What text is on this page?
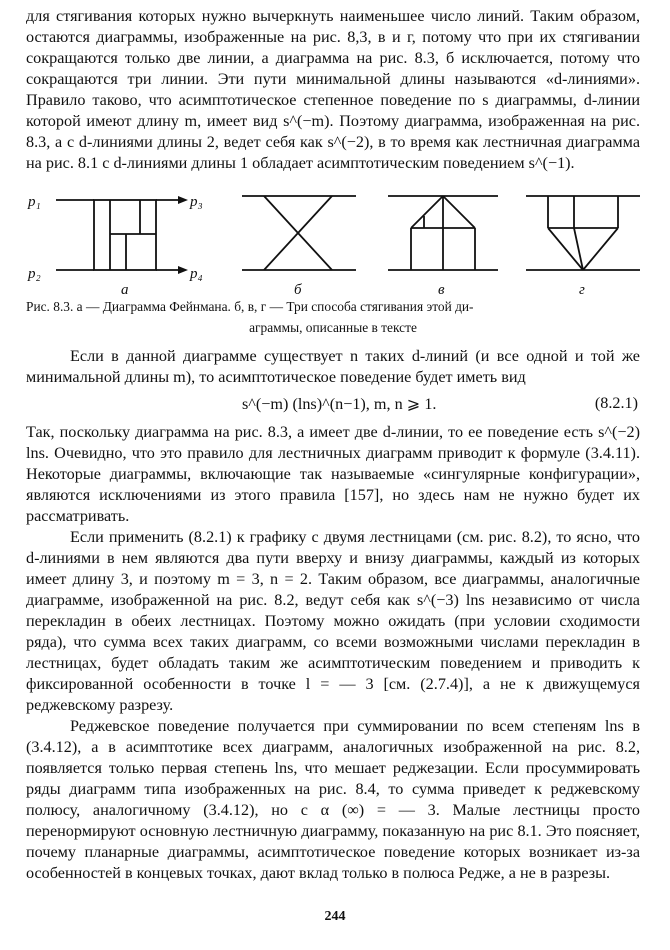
для стягивания которых нужно вычеркнуть наименьшее число линий. Таким образом, остаются диаграммы, изображенные на рис. 8,3, в и г, потому что при их стягивании сокращаются только две линии, а диаграмма на рис. 8.3, б исключается, потому что сокращаются три линии. Эти пути минимальной длины называются «d-линиями». Правило таково, что асимптотическое степенное поведение по s диаграммы, d-линии которой имеют длину m, имеет вид s^(−m). Поэтому диаграмма, изображенная на рис. 8.3, а с d-линиями длины 2, ведет себя как s^(−2), в то время как лестничная диаграмма на рис. 8.1 с d-линиями длины 1 обладает асимптотическим поведением s^(−1).

p₁
p₂
p₃
p₄
а	б	в	г

Рис. 8.3. а — Диаграмма Фейнмана. б, в, г — Три способа стягивания этой ди-

аграммы, описанные в тексте

Если в данной диаграмме существует n таких d-линий (и все одной и той же минимальной длины m), то асимптотическое поведение будет иметь вид

s^(−m) (lns)^(n−1), m, n ⩾ 1.	(8.2.1)

Так, поскольку диаграмма на рис. 8.3, а имеет две d-линии, то ее поведение есть s^(−2) lns. Очевидно, что это правило для лестничных диаграмм приводит к формуле (3.4.11). Некоторые диаграммы, включающие так называемые «сингулярные конфигурации», являются исключениями из этого правила [157], но здесь нам не нужно будет их рассматривать.

Если применить (8.2.1) к графику с двумя лестницами (см. рис. 8.2), то ясно, что d-линиями в нем являются два пути вверху и внизу диаграммы, каждый из которых имеет длину 3, и поэтому m = 3, n = 2. Таким образом, все диаграммы, аналогичные диаграмме, изображенной на рис. 8.2, ведут себя как s^(−3) lns независимо от числа перекладин в обеих лестницах. Поэтому можно ожидать (при условии сходимости ряда), что сумма всех таких диаграмм, со всеми возможными числами перекладин в лестницах, будет обладать таким же асимптотическим поведением и приводить к фиксированной особенности в точке l = — 3 [см. (2.7.4)], а не к движущемуся реджевскому разрезу.

Реджевское поведение получается при суммировании по всем степеням lns в (3.4.12), а в асимптотике всех диаграмм, аналогичных изображенной на рис. 8.2, появляется только первая степень lns, что мешает реджезации. Если просуммировать ряды диаграмм типа изображенных на рис. 8.4, то сумма приведет к реджевскому полюсу, аналогичному (3.4.12), но с α (∞) = — 3. Малые лестницы просто перенормируют основную лестничную диаграмму, показанную на рис 8.1. Это поясняет, почему планарные диаграммы, асимптотическое поведение которых возникает из-за особенностей в концевых точках, дают вклад только в полюса Редже, а не в разрезы.

244
